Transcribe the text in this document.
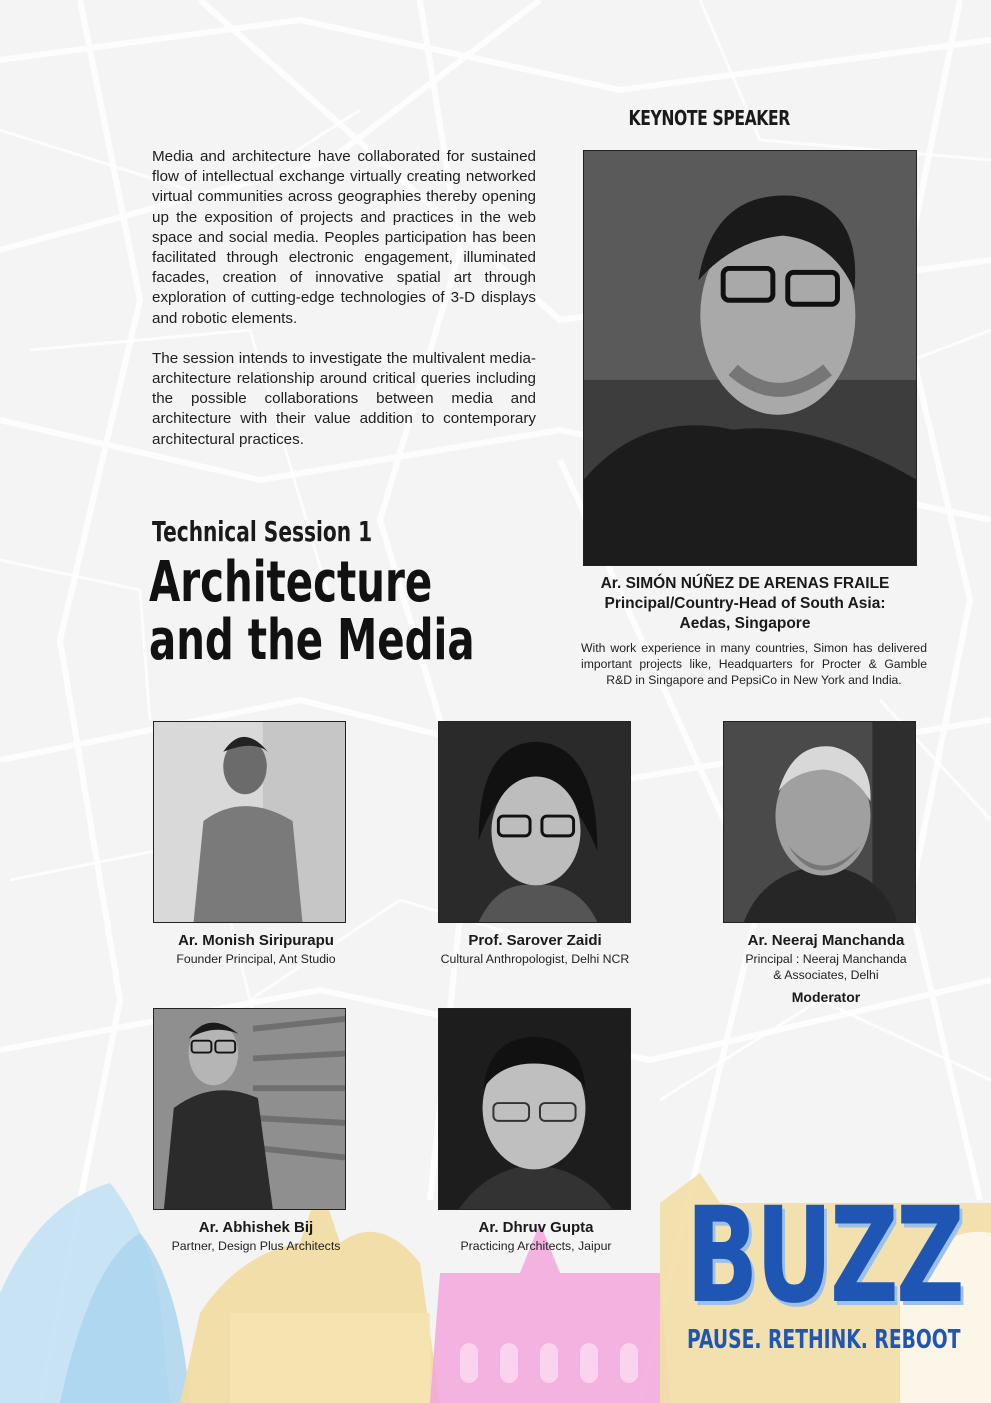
KEYNOTE SPEAKER

Media and architecture have collaborated for sustained flow of intellectual exchange virtually creating networked virtual communities across geographies thereby opening up the exposition of projects and practices in the web space and social media. Peoples participation has been facilitated through electronic engagement, illuminated facades, creation of innovative spatial art through exploration of cutting-edge technologies of 3-D displays and robotic elements.

The session intends to investigate the multivalent media-architecture relationship around critical queries including the possible collaborations between media and architecture with their value addition to contemporary architectural practices.

Technical Session 1
Architecture
and the Media
Ar. SIMÓN NÚÑEZ DE ARENAS FRAILE
Principal/Country-Head of South Asia:
Aedas, Singapore
With work experience in many countries, Simon has delivered important projects like, Headquarters for Procter & Gamble R&D in Singapore and PepsiCo in New York and India.
Ar. Monish Siripurapu
Founder Principal, Ant Studio
Prof. Sarover Zaidi
Cultural Anthropologist, Delhi NCR
Ar. Neeraj Manchanda
Principal : Neeraj Manchanda
& Associates, Delhi
Moderator
Ar. Abhishek Bij
Partner, Design Plus Architects
Ar. Dhruv Gupta
Practicing Architects, Jaipur BUZZ
PAUSE. RETHINK. REBOOT
